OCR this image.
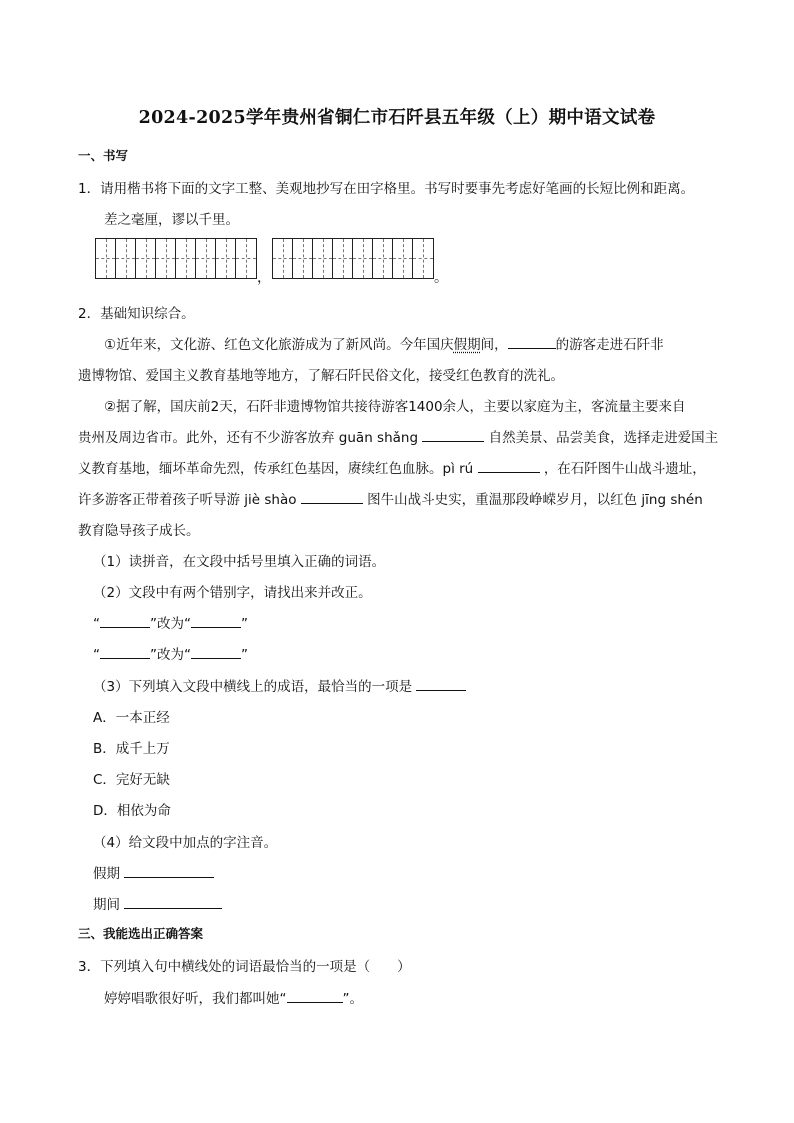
2024-2025学年贵州省铜仁市石阡县五年级（上）期中语文试卷
一、书写
1．请用楷书将下面的文字工整、美观地抄写在田字格里。书写时要事先考虑好笔画的长短比例和距离。
差之毫厘，谬以千里。
，	。
2．基础知识综合。
①近年来，文化游、红色文化旅游成为了新风尚。今年国庆假期间，	的游客走进石阡非
遗博物馆、爱国主义教育基地等地方，了解石阡民俗文化，接受红色教育的洗礼。
②据了解，国庆前2天，石阡非遗博物馆共接待游客1400余人，主要以家庭为主，客流量主要来自
贵州及周边省市。此外，还有不少游客放弃 guān shǎng	自然美景、品尝美食，选择走进爱国主
义教育基地，缅坏革命先烈，传承红色基因，赓续红色血脉。pì rú	，在石阡图牛山战斗遗址，
许多游客正带着孩子听导游 jiè shào	图牛山战斗史实，重温那段峥嵘岁月，以红色 jīng shén
教育隐导孩子成长。
（1）读拼音，在文段中括号里填入正确的词语。
（2）文段中有两个错别字，请找出来并改正。
“	”改为“	”
“	”改为“	”
（3）下列填入文段中横线上的成语，最恰当的一项是
A．一本正经
B．成千上万
C．完好无缺
D．相依为命
（4）给文段中加点的字注音。
假期
期间
三、我能选出正确答案
3．下列填入句中横线处的词语最恰当的一项是（　　）
婷婷唱歌很好听，我们都叫她“	”。
